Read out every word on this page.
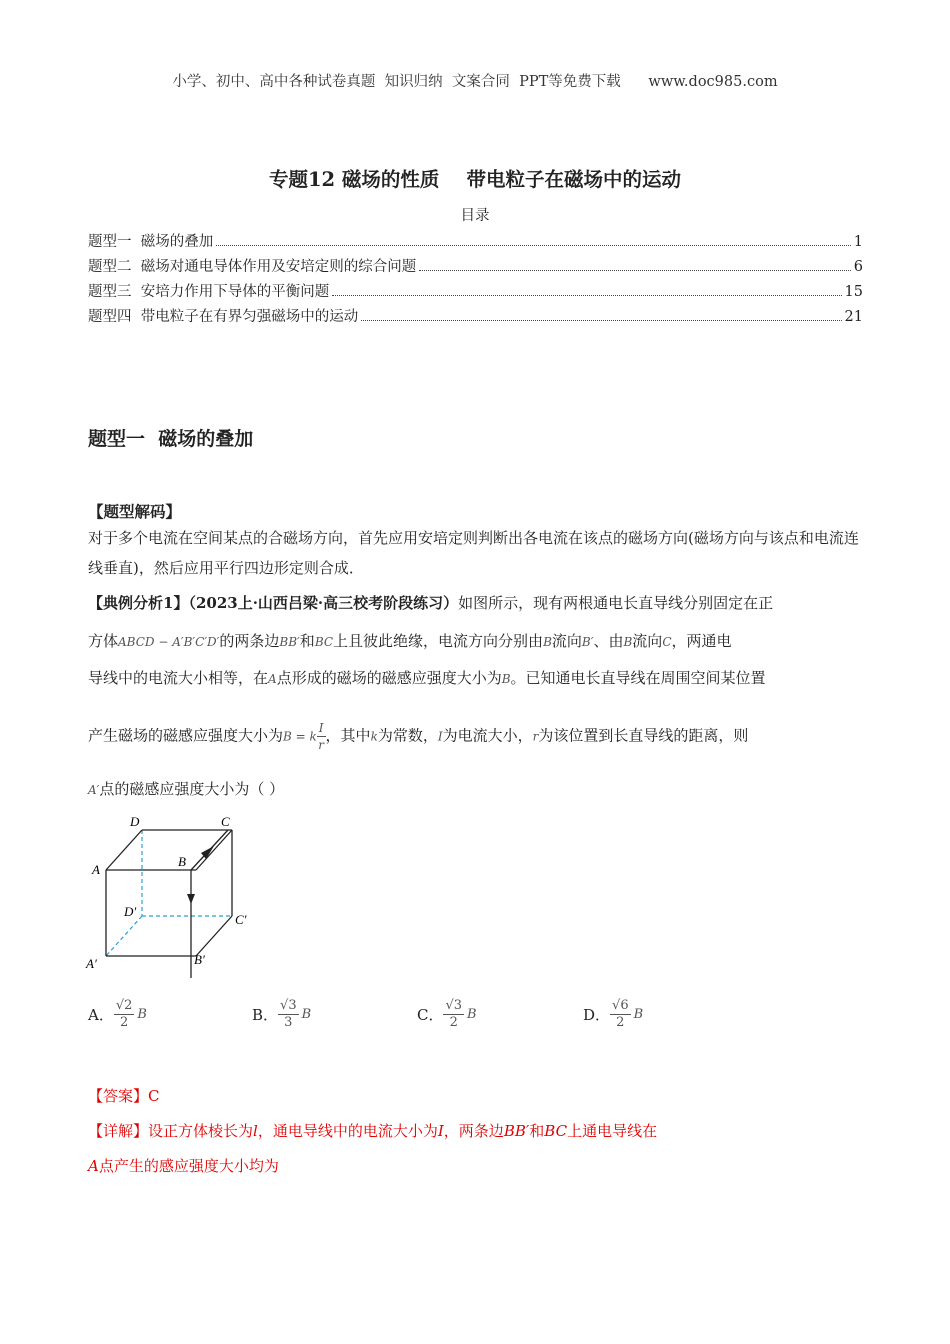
小学、初中、高中各种试卷真题  知识归纳  文案合同  PPT等免费下载 www.doc985.com
专题12 磁场的性质    带电粒子在磁场中的运动
目录
题型一  磁场的叠加	1
题型二  磁场对通电导体作用及安培定则的综合问题	6
题型三  安培力作用下导体的平衡问题	15
题型四  带电粒子在有界匀强磁场中的运动	21
题型一  磁场的叠加
【题型解码】
对于多个电流在空间某点的合磁场方向，首先应用安培定则判断出各电流在该点的磁场方向(磁场方向与该点和电流连线垂直)，然后应用平行四边形定则合成．
【典例分析1】（2023上·山西吕梁·高三校考阶段练习）如图所示，现有两根通电长直导线分别固定在正
方体ABCD − A′B′C′D′的两条边BB′和BC上且彼此绝缘，电流方向分别由B流向B′、由B流向C，两通电
导线中的电流大小相等，在A点形成的磁场的磁感应强度大小为B。已知通电长直导线在周围空间某位置
产生磁场的磁感应强度大小为B = k $\frac{I}{r}$ ，其中k为常数，I为电流大小，r为该位置到长直导线的距离，则
A′点的磁感应强度大小为（ ）
D	C
A
B
D′
C′
A′	B′
A． $\frac{√2}{2}$ B	B． $\frac{√3}{3}$ B	C． $\frac{√3}{2}$ B	D． $\frac{√6}{2}$ B
【答案】C
【详解】设正方体棱长为l，通电导线中的电流大小为I，两条边BB′和BC上通电导线在
A点产生的感应强度大小均为
